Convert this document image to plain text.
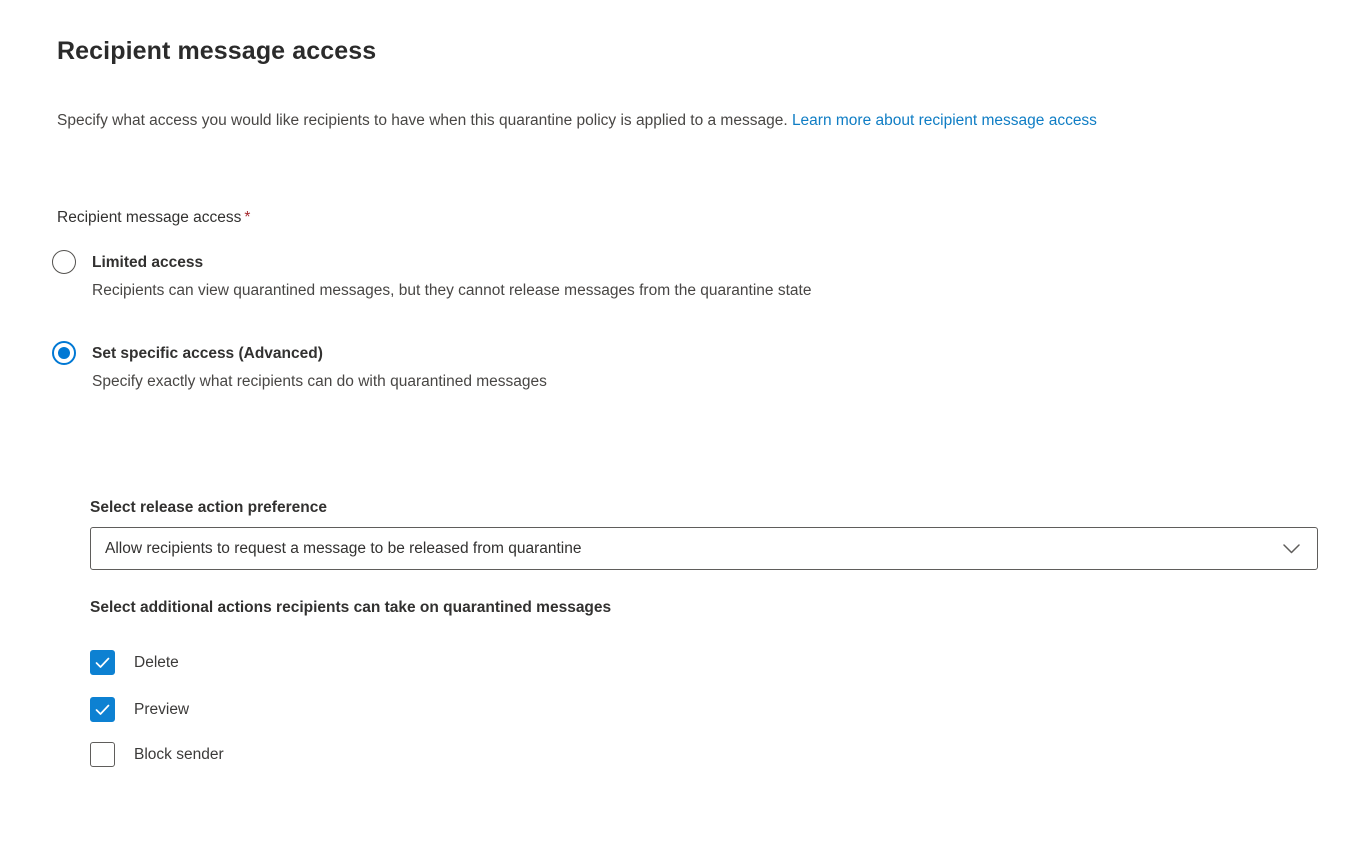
Recipient message access

Specify what access you would like recipients to have when this quarantine policy is applied to a message. Learn more about recipient message access

Recipient message access *
Limited access
Recipients can view quarantined messages, but they cannot release messages from the quarantine state
Set specific access (Advanced)
Specify exactly what recipients can do with quarantined messages
Select release action preference
Allow recipients to request a message to be released from quarantine
Select additional actions recipients can take on quarantined messages
Delete
Preview
Block sender
